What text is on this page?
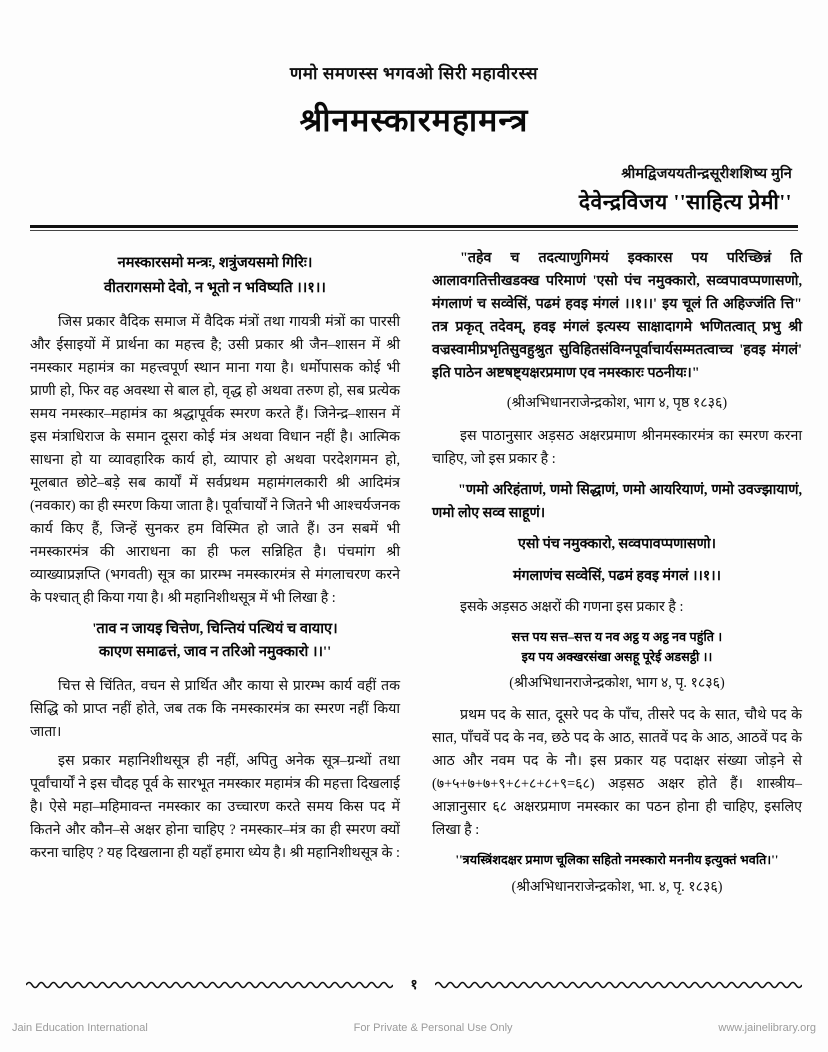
णमो समणस्स भगवओ सिरी महावीरस्स
श्रीनमस्कारमहामन्त्र
श्रीमद्विजययतीन्द्रसूरीशशिष्य मुनि
देवेन्द्रविजय ''साहित्य प्रेमी''
नमस्कारसमो मन्त्रः, शत्रुंजयसमो गिरिः।
वीतरागसमो देवो, न भूतो न भविष्यति ।।१।।

जिस प्रकार वैदिक समाज में वैदिक मंत्रों तथा गायत्री मंत्रों का पारसी और ईसाइयों में प्रार्थना का महत्त्व है; उसी प्रकार श्री जैन–शासन में श्री नमस्कार महामंत्र का महत्त्वपूर्ण स्थान माना गया है। धर्मोपासक कोई भी प्राणी हो, फिर वह अवस्था से बाल हो, वृद्ध हो अथवा तरुण हो, सब प्रत्येक समय नमस्कार–महामंत्र का श्रद्धापूर्वक स्मरण करते हैं। जिनेन्द्र–शासन में इस मंत्राधिराज के समान दूसरा कोई मंत्र अथवा विधान नहीं है। आत्मिक साधना हो या व्यावहारिक कार्य हो, व्यापार हो अथवा परदेशगमन हो, मूलबात छोटे–बड़े सब कार्यों में सर्वप्रथम महामंगलकारी श्री आदिमंत्र (नवकार) का ही स्मरण किया जाता है। पूर्वाचार्यों ने जितने भी आश्चर्यजनक कार्य किए हैं, जिन्हें सुनकर हम विस्मित हो जाते हैं। उन सबमें भी नमस्कारमंत्र की आराधना का ही फल सन्निहित है। पंचमांग श्री व्याख्याप्रज्ञप्ति (भगवती) सूत्र का प्रारम्भ नमस्कारमंत्र से मंगलाचरण करने के पश्चात् ही किया गया है। श्री महानिशीथसूत्र में भी लिखा है :

'ताव न जायइ चित्तेण, चिन्तियं पत्थियं च वायाए।
काएण समाढत्तं, जाव न तरिओ नमुक्कारो ।।''

चित्त से चिंतित, वचन से प्रार्थित और काया से प्रारम्भ कार्य वहीं तक सिद्धि को प्राप्त नहीं होते, जब तक कि नमस्कारमंत्र का स्मरण नहीं किया जाता।

इस प्रकार महानिशीथसूत्र ही नहीं, अपितु अनेक सूत्र–ग्रन्थों तथा पूर्वांचार्यों ने इस चौदह पूर्व के सारभूत नमस्कार महामंत्र की महत्ता दिखलाई है। ऐसे महा–महिमावन्त नमस्कार का उच्चारण करते समय किस पद में कितने और कौन–से अक्षर होना चाहिए ? नमस्कार–मंत्र का ही स्मरण क्यों करना चाहिए ? यह दिखलाना ही यहाँ हमारा ध्येय है। श्री महानिशीथसूत्र के :

"तहेव च तदत्याणुगिमयं इक्कारस पय परिच्छिन्नं ति आलावगतित्तीखडक्ख परिमाणं 'एसो पंच नमुक्कारो, सव्वपावप्पणासणो, मंगलाणं च सव्वेसिं, पढमं हवइ मंगलं ।।१।।' इय चूलं ति अहिज्जंति त्ति" तत्र प्रकृत् तदेवम्, हवइ मंगलं इत्यस्य साक्षादागमे भणितत्वात् प्रभु श्री वज्रस्वामीप्रभृतिसुवहुश्रुत सुविहितसंविग्नपूर्वाचार्यसम्मतत्वाच्च 'हवइ मंगलं' इति पाठेन अष्टषष्ट्यक्षरप्रमाण एव नमस्कारः पठनीयः।"

(श्रीअभिधानराजेन्द्रकोश, भाग ४, पृष्ठ १८३६)

इस पाठानुसार अड़सठ अक्षरप्रमाण श्रीनमस्कारमंत्र का स्मरण करना चाहिए, जो इस प्रकार है :

"णमो अरिहंताणं, णमो सिद्धाणं, णमो आयरियाणं, णमो उवज्झायाणं, णमो लोए सव्व साहूणं।

एसो पंच नमुक्कारो, सव्वपावप्पणासणो।

मंगलाणंच सव्वेसिं, पढमं हवइ मंगलं ।।१।।

इसके अड़सठ अक्षरों की गणना इस प्रकार है :

सत्त पय सत्त–सत्त य नव अट्ठ य अट्ठ नव पहुंति ।
इय पय अक्खरसंखा असहू पूरेई अडसट्ठी ।।
(श्रीअभिधानराजेन्द्रकोश, भाग ४, पृ. १८३६)

प्रथम पद के सात, दूसरे पद के पाँच, तीसरे पद के सात, चौथे पद के सात, पाँचवें पद के नव, छठे पद के आठ, सातवें पद के आठ, आठवें पद के आठ और नवम पद के नौ। इस प्रकार यह पदाक्षर संख्या जोड़ने से (७+५+७+७+९+८+८+८+९=६८) अड़सठ अक्षर होते हैं। शास्त्रीय–आज्ञानुसार ६८ अक्षरप्रमाण नमस्कार का पठन होना ही चाहिए, इसलिए लिखा है :

''त्रयस्त्रिंशदक्षर प्रमाण चूलिका सहितो नमस्कारो मननीय इत्युक्तं भवति।''
(श्रीअभिधानराजेन्द्रकोश, भा. ४, पृ. १८३६)
१
Jain Education International	For Private & Personal Use Only	www.jainelibrary.org
